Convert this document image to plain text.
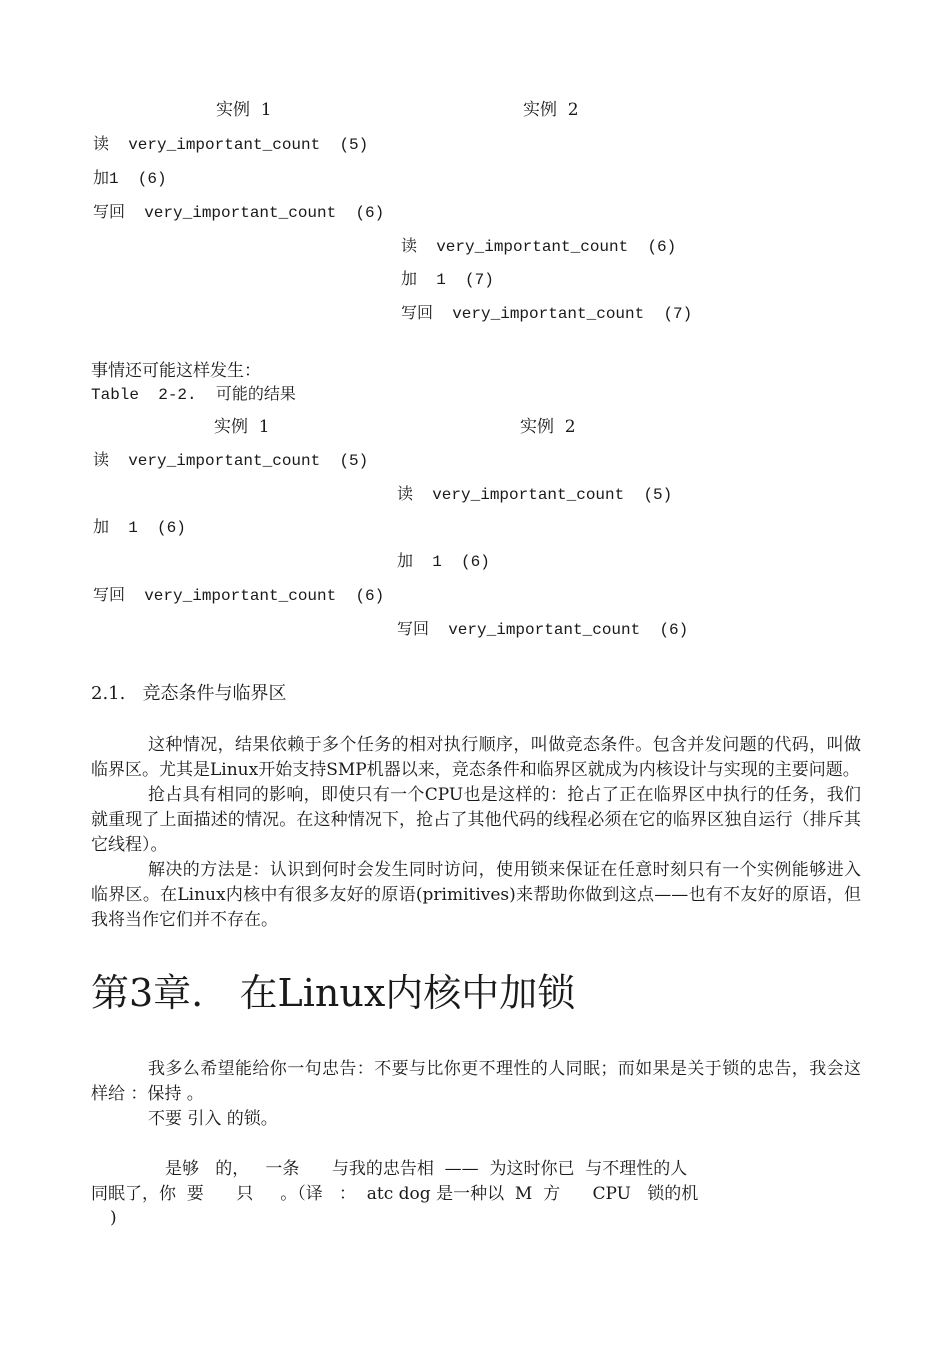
实例  1	实例  2
读  very_important_count  (5)
加1  (6)
写回  very_important_count  (6)
读  very_important_count  (6)
加  1  (7)
写回  very_important_count  (7)
事情还可能这样发生：
Table  2-2.  可能的结果
实例  1	实例  2
读  very_important_count  (5)
读  very_important_count  (5)
加  1  (6)
加  1  (6)
写回  very_important_count  (6)
写回  very_important_count  (6)
2.1.   竞态条件与临界区

这种情况，结果依赖于多个任务的相对执行顺序，叫做竞态条件。包含并发问题的代码，叫做临界区。尤其是Linux开始支持SMP机器以来，竞态条件和临界区就成为内核设计与实现的主要问题。

抢占具有相同的影响，即使只有一个CPU也是这样的：抢占了正在临界区中执行的任务，我们就重现了上面描述的情况。在这种情况下，抢占了其他代码的线程必须在它的临界区独自运行（排斥其它线程）。

解决的方法是：认识到何时会发生同时访问，使用锁来保证在任意时刻只有一个实例能够进入临界区。在Linux内核中有很多友好的原语(primitives)来帮助你做到这点——也有不友好的原语，但我将当作它们并不存在。

第3章.   在Linux内核中加锁

我多么希望能给你一句忠告：不要与比你更不理性的人同眠；而如果是关于锁的忠告，我会这样给 ：保持 。

不要 引入 的锁。

是够   的，   一条      与我的忠告相  ——  为这时你已  与不理性的人
同眠了，你  要      只     。（译   ：  atc dog 是一种以  M  方      CPU   锁的机
)
